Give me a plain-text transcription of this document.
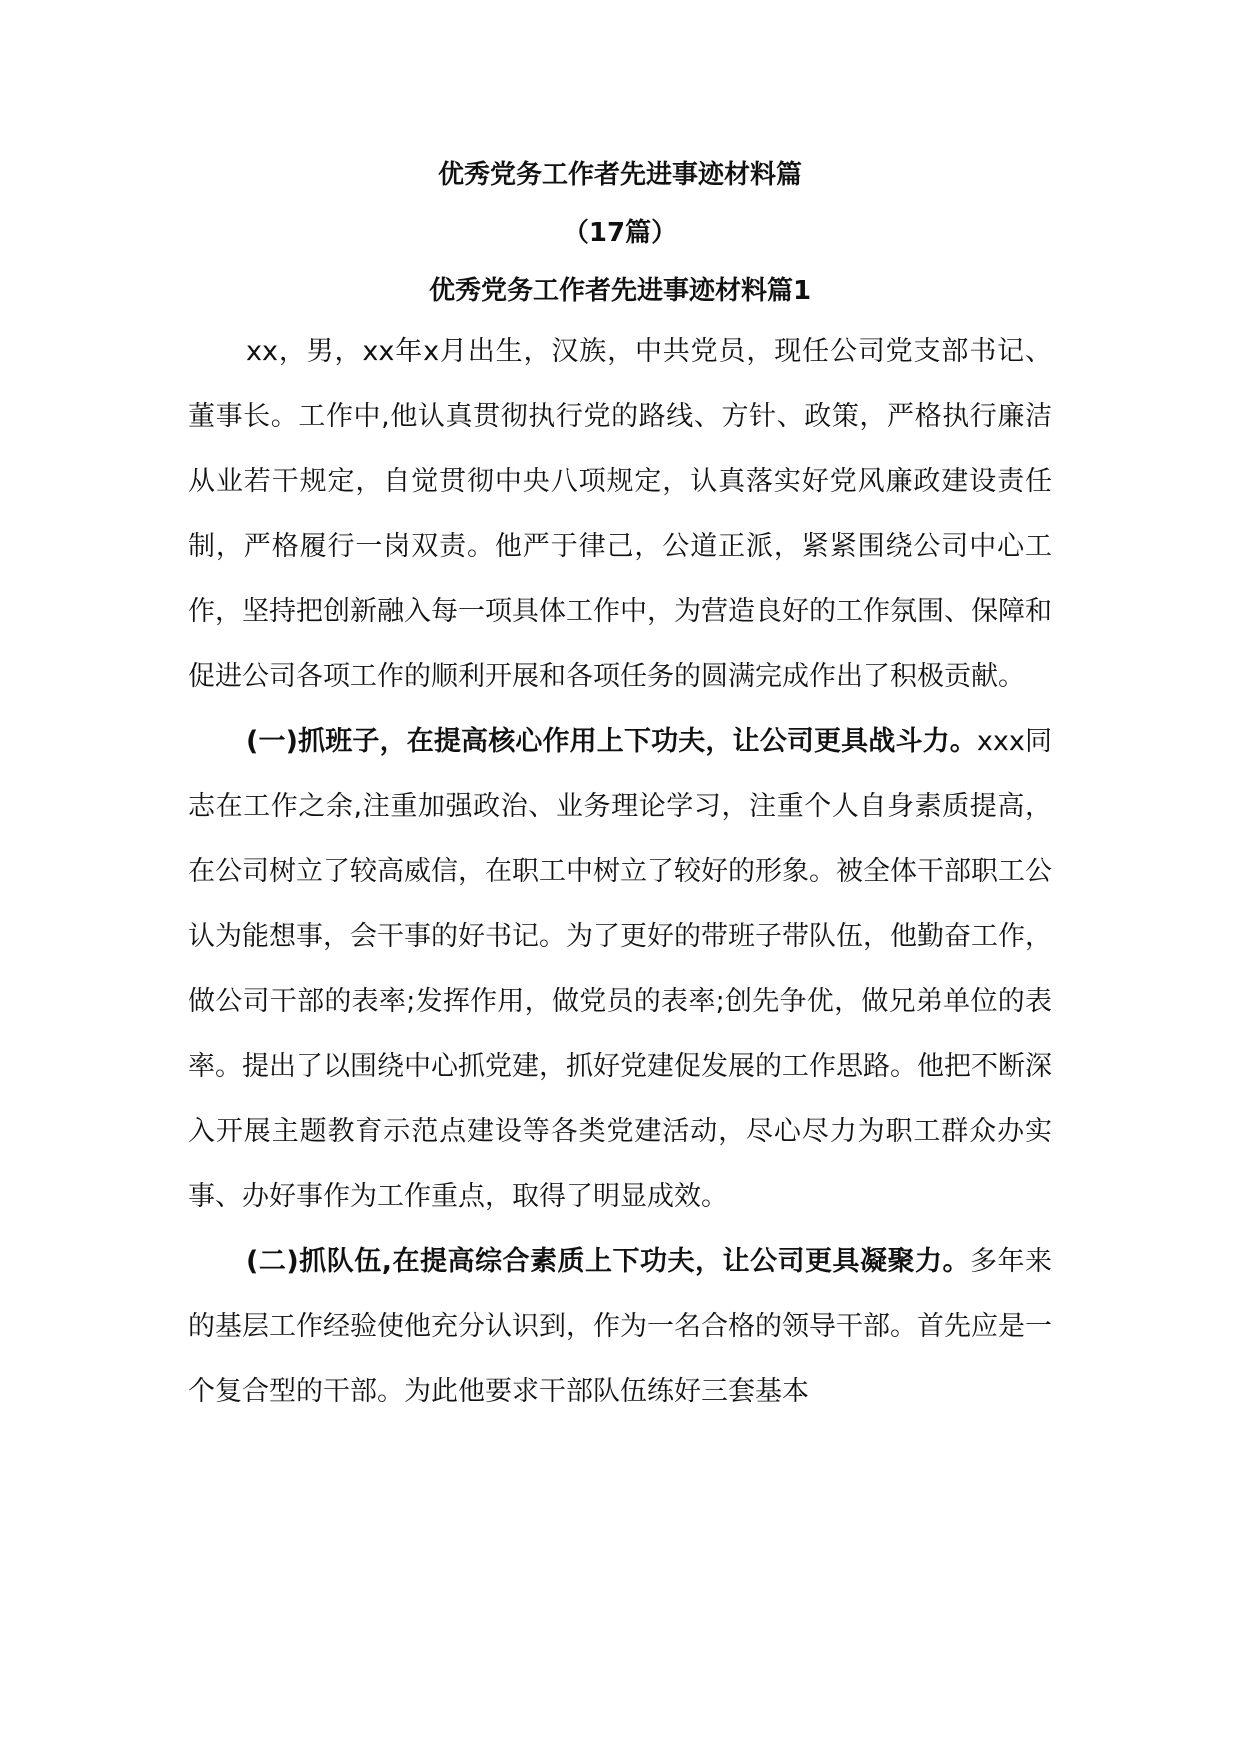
优秀党务工作者先进事迹材料篇
（17篇）
优秀党务工作者先进事迹材料篇1

xx，男，xx年x月出生，汉族，中共党员，现任公司党支部书记、董事长。工作中,他认真贯彻执行党的路线、方针、政策，严格执行廉洁从业若干规定，自觉贯彻中央八项规定，认真落实好党风廉政建设责任制，严格履行一岗双责。他严于律己，公道正派，紧紧围绕公司中心工作，坚持把创新融入每一项具体工作中，为营造良好的工作氛围、保障和促进公司各项工作的顺利开展和各项任务的圆满完成作出了积极贡献。

(一)抓班子，在提高核心作用上下功夫，让公司更具战斗力。xxx同志在工作之余,注重加强政治、业务理论学习，注重个人自身素质提高，在公司树立了较高威信，在职工中树立了较好的形象。被全体干部职工公认为能想事，会干事的好书记。为了更好的带班子带队伍，他勤奋工作，做公司干部的表率;发挥作用，做党员的表率;创先争优，做兄弟单位的表率。提出了以围绕中心抓党建，抓好党建促发展的工作思路。他把不断深入开展主题教育示范点建设等各类党建活动，尽心尽力为职工群众办实事、办好事作为工作重点，取得了明显成效。

(二)抓队伍,在提高综合素质上下功夫，让公司更具凝聚力。多年来的基层工作经验使他充分认识到，作为一名合格的领导干部。首先应是一个复合型的干部。为此他要求干部队伍练好三套基本
